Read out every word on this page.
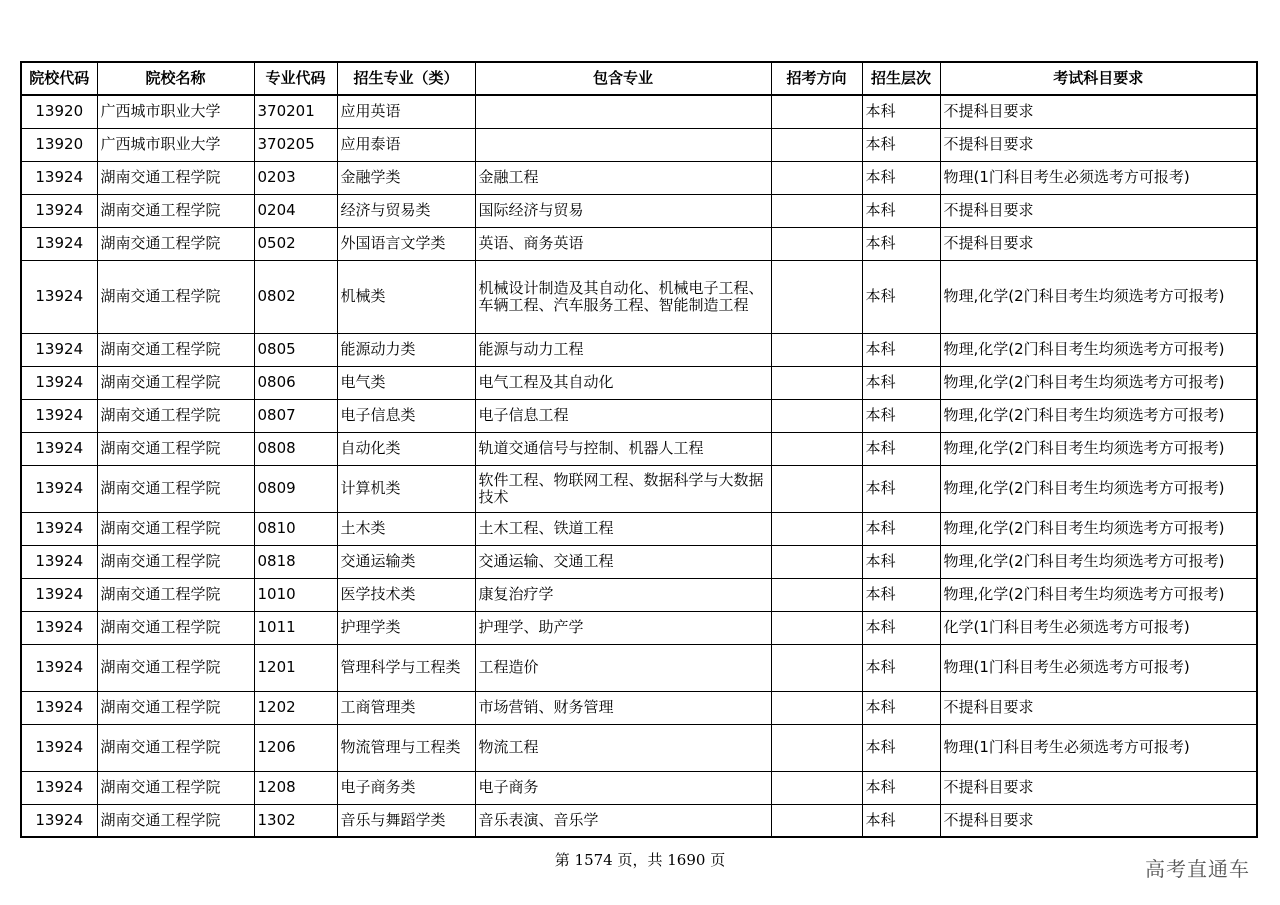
院校代码	院校名称	专业代码	招生专业（类）	包含专业	招考方向	招生层次	考试科目要求
13920	广西城市职业大学	370201	应用英语			本科	不提科目要求
13920	广西城市职业大学	370205	应用泰语			本科	不提科目要求
13924	湖南交通工程学院	0203	金融学类	金融工程		本科	物理(1门科目考生必须选考方可报考)
13924	湖南交通工程学院	0204	经济与贸易类	国际经济与贸易		本科	不提科目要求
13924	湖南交通工程学院	0502	外国语言文学类	英语、商务英语		本科	不提科目要求
13924	湖南交通工程学院	0802	机械类	机械设计制造及其自动化、机械电子工程、车辆工程、汽车服务工程、智能制造工程		本科	物理,化学(2门科目考生均须选考方可报考)
13924	湖南交通工程学院	0805	能源动力类	能源与动力工程		本科	物理,化学(2门科目考生均须选考方可报考)
13924	湖南交通工程学院	0806	电气类	电气工程及其自动化		本科	物理,化学(2门科目考生均须选考方可报考)
13924	湖南交通工程学院	0807	电子信息类	电子信息工程		本科	物理,化学(2门科目考生均须选考方可报考)
13924	湖南交通工程学院	0808	自动化类	轨道交通信号与控制、机器人工程		本科	物理,化学(2门科目考生均须选考方可报考)
13924	湖南交通工程学院	0809	计算机类	软件工程、物联网工程、数据科学与大数据技术		本科	物理,化学(2门科目考生均须选考方可报考)
13924	湖南交通工程学院	0810	土木类	土木工程、铁道工程		本科	物理,化学(2门科目考生均须选考方可报考)
13924	湖南交通工程学院	0818	交通运输类	交通运输、交通工程		本科	物理,化学(2门科目考生均须选考方可报考)
13924	湖南交通工程学院	1010	医学技术类	康复治疗学		本科	物理,化学(2门科目考生均须选考方可报考)
13924	湖南交通工程学院	1011	护理学类	护理学、助产学		本科	化学(1门科目考生必须选考方可报考)
13924	湖南交通工程学院	1201	管理科学与工程类	工程造价		本科	物理(1门科目考生必须选考方可报考)
13924	湖南交通工程学院	1202	工商管理类	市场营销、财务管理		本科	不提科目要求
13924	湖南交通工程学院	1206	物流管理与工程类	物流工程		本科	物理(1门科目考生必须选考方可报考)
13924	湖南交通工程学院	1208	电子商务类	电子商务		本科	不提科目要求
13924	湖南交通工程学院	1302	音乐与舞蹈学类	音乐表演、音乐学		本科	不提科目要求
第 1574 页，共 1690 页	高考直通车
